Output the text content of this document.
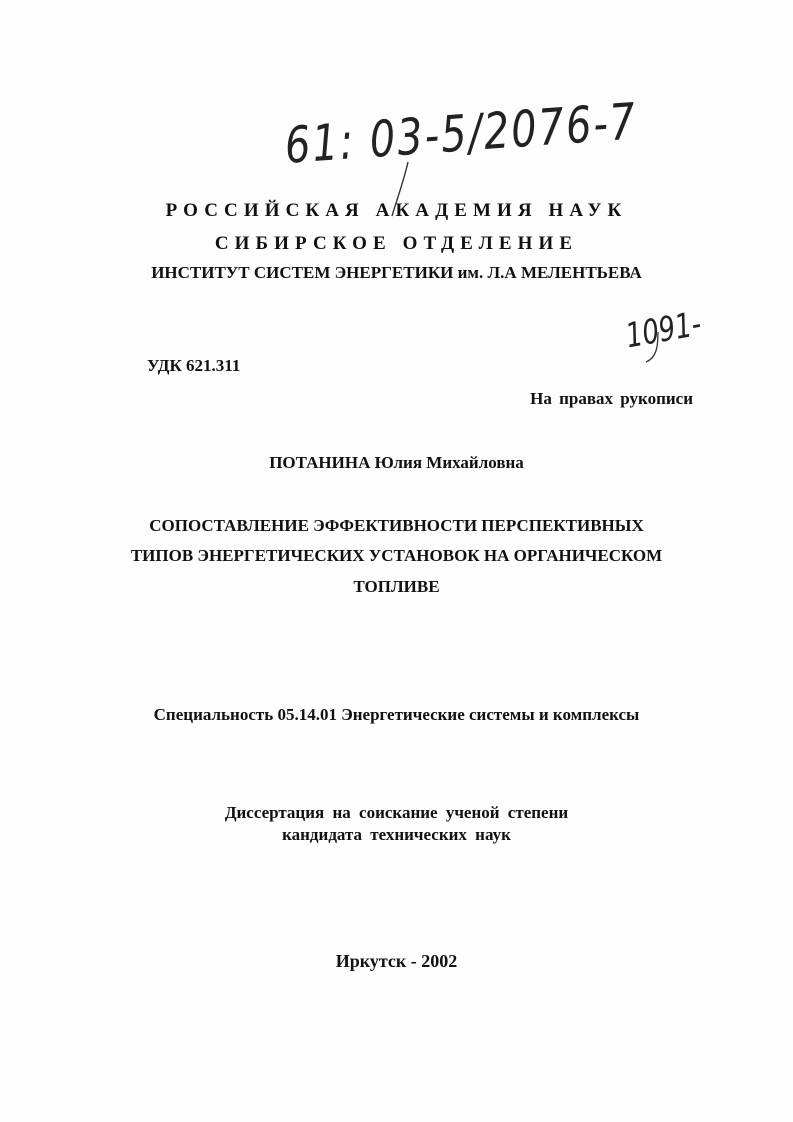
61: 03-5/2076-7
РОССИЙСКАЯ АКАДЕМИЯ НАУК
СИБИРСКОЕ ОТДЕЛЕНИЕ
ИНСТИТУТ СИСТЕМ ЭНЕРГЕТИКИ им. Л.А МЕЛЕНТЬЕВА
1091-
УДК 621.311
На правах рукописи
ПОТАНИНА Юлия Михайловна
СОПОСТАВЛЕНИЕ ЭФФЕКТИВНОСТИ ПЕРСПЕКТИВНЫХ
ТИПОВ ЭНЕРГЕТИЧЕСКИХ УСТАНОВОК НА ОРГАНИЧЕСКОМ
ТОПЛИВЕ
Специальность 05.14.01 Энергетические системы и комплексы
Диссертация на соискание ученой степени
кандидата технических наук
Иркутск - 2002
